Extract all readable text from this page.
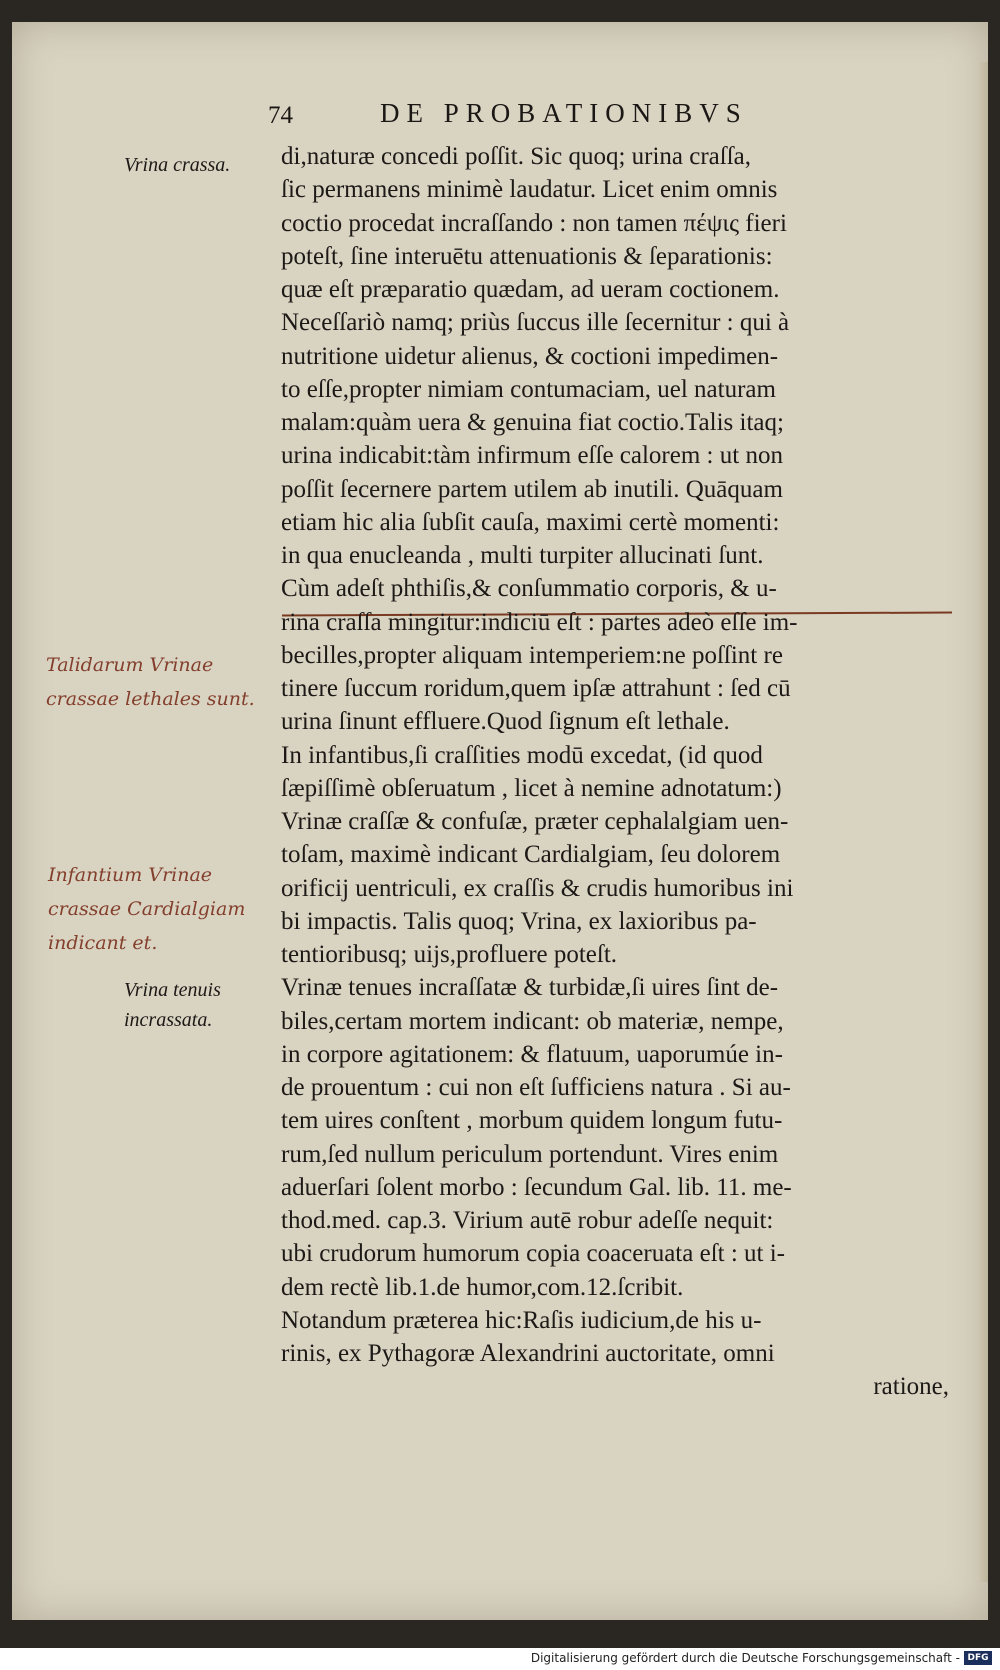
74	DE PROBATIONIBVS
Vrina crassa.
Vrina tenuis incrassata.
Talidarum Vrinae crassae lethales sunt.
Infantium Vrinae crassae Cardialgiam indicant et.
di,naturæ concedi poſſit. Sic quoq; urina craſſa,
ſic permanens minimè laudatur. Licet enim omnis
coctio procedat incraſſando : non tamen πέψις fieri
poteſt, ſine interuētu attenuationis & ſeparationis:
quæ eſt præparatio quædam, ad ueram coctionem.
Neceſſariò namq; priùs ſuccus ille ſecernitur : qui à
nutritione uidetur alienus, & coctioni impedimen-
to eſſe,propter nimiam contumaciam, uel naturam
malam:quàm uera & genuina fiat coctio.Talis itaq;
urina indicabit:tàm infirmum eſſe calorem : ut non
poſſit ſecernere partem utilem ab inutili. Quāquam
etiam hic alia ſubſit cauſa, maximi certè momenti:
in qua enucleanda , multi turpiter allucinati ſunt.
Cùm adeſt phthiſis,& conſummatio corporis, & u-
rina craſſa mingitur:indiciū eſt : partes adeò eſſe im-
becilles,propter aliquam intemperiem:ne poſſint re
tinere ſuccum roridum,quem ipſæ attrahunt : ſed cū
urina ſinunt effluere.Quod ſignum eſt lethale.
In infantibus,ſi craſſities modū excedat, (id quod
ſæpiſſimè obſeruatum , licet à nemine adnotatum:)
Vrinæ craſſæ & confuſæ, præter cephalalgiam uen-
toſam, maximè indicant Cardialgiam, ſeu dolorem
orificij uentriculi, ex craſſis & crudis humoribus ini
bi impactis. Talis quoq; Vrina, ex laxioribus pa-
tentioribusq; uijs,profluere poteſt.
Vrinæ tenues incraſſatæ & turbidæ,ſi uires ſint de-
biles,certam mortem indicant: ob materiæ, nempe,
in corpore agitationem: & flatuum, uaporumúe in-
de prouentum : cui non eſt ſufficiens natura . Si au-
tem uires conſtent , morbum quidem longum futu-
rum,ſed nullum periculum portendunt. Vires enim
aduerſari ſolent morbo : ſecundum Gal. lib. 11. me-
thod.med. cap.3. Virium autē robur adeſſe nequit:
ubi crudorum humorum copia coaceruata eſt : ut i-
dem rectè lib.1.de humor,com.12.ſcribit.
Notandum præterea hic:Raſis iudicium,de his u-
rinis, ex Pythagoræ Alexandrini auctoritate, omni
ratione,
Digitalisierung gefördert durch die Deutsche Forschungsgemeinschaft - DFG
